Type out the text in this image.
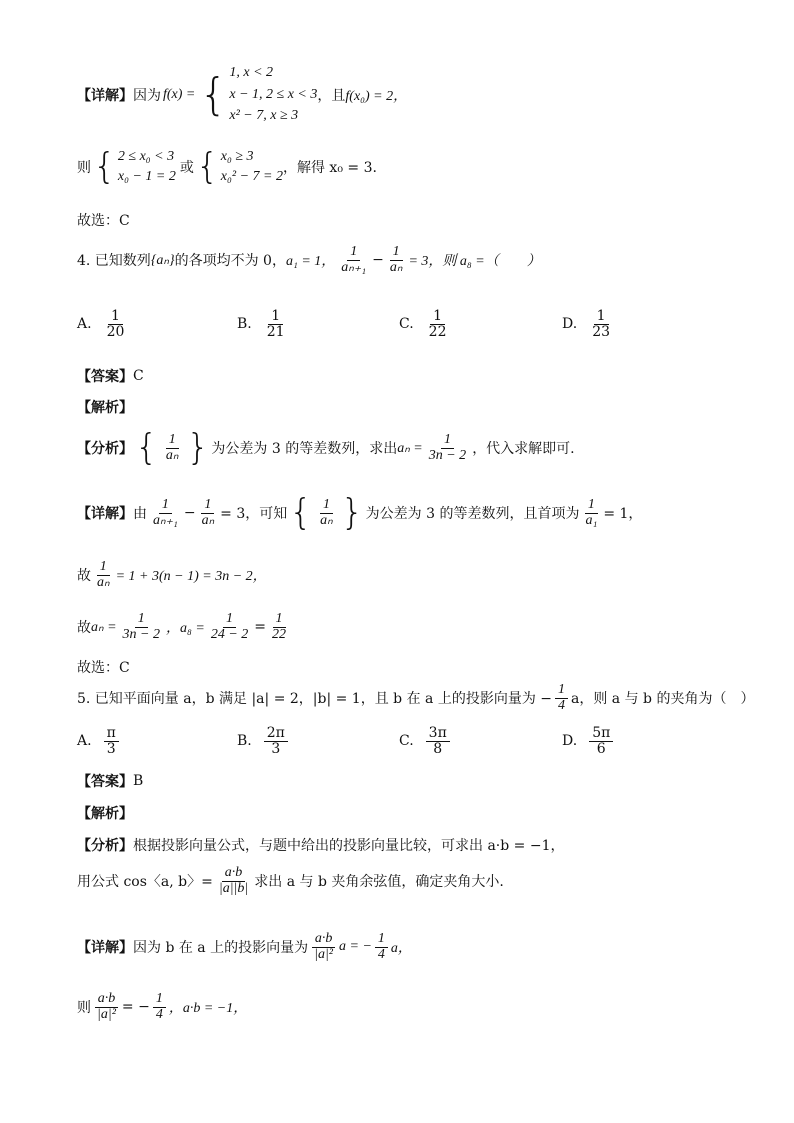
【详解】 因为 f(x) = { 1, x < 2
x − 1, 2 ≤ x < 3
x² − 7, x ≥ 3
，且 f(x₀) = 2，
则 { 2 ≤ x₀ < 3
x₀ − 1 = 2
或 { x₀ ≥ 3
x₀² − 7 = 2
，解得 x₀ = 3.
故选：C
4. 已知数列 {aₙ} 的各项均不为 0， a₁ = 1， $\frac{1}{\text{aₙ₊₁}} - \frac{1}{\text{aₙ}} = 3$，则 a₈ =（　　）
A. $\frac{1}{20}$	B. $\frac{1}{21}$	C. $\frac{1}{22}$	D. $\frac{1}{23}$
【答案】 C
【解析】
【分析】 { $\frac{1}{\text{aₙ}}$ } 为公差为 3 的等差数列，求出 $a_n = \frac{1}{3n - 2}$ ，代入求解即可.
【详解】 由 $\frac{1}{\text{aₙ₊₁}} - \frac{1}{\text{aₙ}} = 3$，可知 { $\frac{1}{\text{aₙ}}$ } 为公差为 3 的等差数列，且首项为 $\frac{1}{\text{a₁}} = 1$，
故 $\frac{1}{\text{aₙ}} = 1 + 3(n - 1) = 3n - 2$，
故 $a_n = \frac{1}{3n - 2}$ ，$a_8 = \frac{1}{24 - 2} = \frac{1}{22}$
故选：C
5. 已知平面向量 a，b 满足 |a| = 2，|b| = 1，且 b 在 a 上的投影向量为 − $\frac{1}{4}$ a，则 a 与 b 的夹角为（　）
A. $\frac{\pi}{3}$	B. $\frac{2\pi}{3}$	C. $\frac{3\pi}{8}$	D. $\frac{5\pi}{6}$
【答案】 B
【解析】
【分析】 根据投影向量公式，与题中给出的投影向量比较，可求出 a·b = −1，
用公式 cos〈a, b〉= $\frac{a\cdot b}{|a||b|}$ 求出 a 与 b 夹角余弦值，确定夹角大小.
【详解】 因为 b 在 a 上的投影向量为 $\frac{a\cdot b}{\text{|a|²}}$ a = − $\frac{1}{4}$ a，
则 $\frac{a\cdot b}{\text{|a|²}}$ = − $\frac{1}{4}$ ，a·b = −1，
